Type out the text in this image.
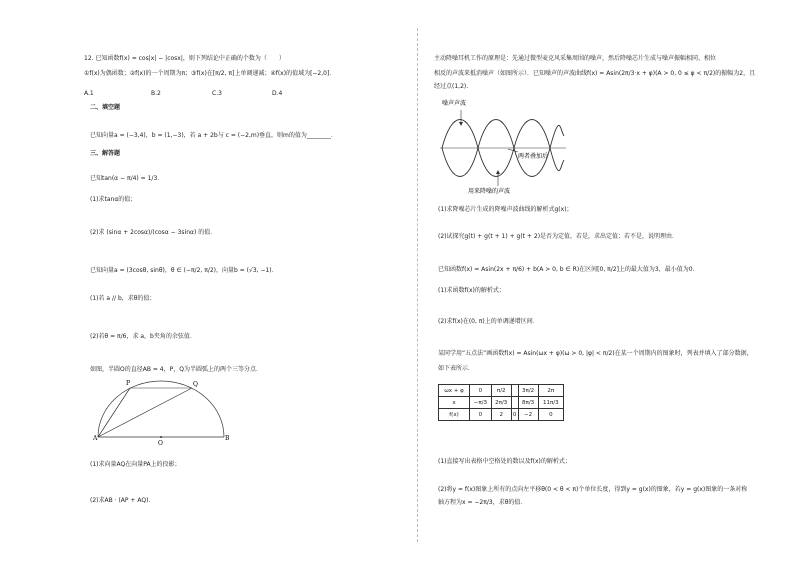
12. 已知函数f(x) = cos|x| − |cosx|，则下列结论中正确的个数为（　　）
①f(x)为偶函数；②f(x)的一个周期为π；③f(x)在[π/2, π]上单调递减；④f(x)的值域为[−2,0]．
A.1	B.2	C.3	D.4
二、填空题
已知向量a = (−3,4)，b = (1,−3)，若 a + 2b与 c = (−2,m)垂直，则m的值为________．
三、解答题
已知tan(α − π/4) = 1/3.
(1)求tanα的值；
(2)求 (sinα + 2cosα)/(cosα − 3sinα) 的值．
已知向量a = (3cosθ, sinθ)，θ ∈ (−π/2, π/2)，向量b = (√3, −1)．
(1)若 a // b，求θ的值；
(2)若θ = π/6，求 a，b夹角的余弦值．
如图，半圆O的直径AB = 4，P，Q为半圆弧上的两个三等分点．
P	Q
A
O
B
(1)求向量AQ在向量PA上的投影；
(2)求AB · (AP + AQ)．
主动降噪耳机工作的原理是：先通过微型麦克风采集周围的噪声，然后降噪芯片生成与噪声振幅相同、相位
相反的声波来抵消噪声（如图所示）．已知噪声的声波曲线f(x) = Asin(2π/3·x + φ)(A > 0, 0 ≤ φ < π/2)的振幅为2，且
经过点(1,2).
噪声声波
用来降噪的声波
两者叠加后
(1)求降噪芯片生成的降噪声波曲线的解析式g(x)；
(2)试探究g(t) + g(t + 1) + g(t + 2)是否为定值，若是，求出定值；若不是，说明理由．
已知函数f(x) = Asin(2x + π/6) + b(A > 0, b ∈ R)在区间[0, π/2]上的最大值为3，最小值为0．
(1)求函数f(x)的解析式；
(2)求f(x)在(0, π)上的单调递增区间．
某同学用“五点法”画函数f(x) = Asin(ωx + φ)(ω > 0, |φ| < π/2)在某一个周期内的图象时，列表并填入了部分数据，
如下表所示．
ωx + φ	0	π/2		3π/2	2π
x	−π/3	2π/3		8π/3	11π/3
f(x)	0	2	0	−2	0
(1)直接写出表格中空格处的数以及f(x)的解析式；
(2)将y = f(x)图象上所有的点向左平移θ(0 < θ < π)个单位长度，得到y = g(x)的图象，若y = g(x)图象的一条对称
轴方程为x = −2π/3，求θ的值．
